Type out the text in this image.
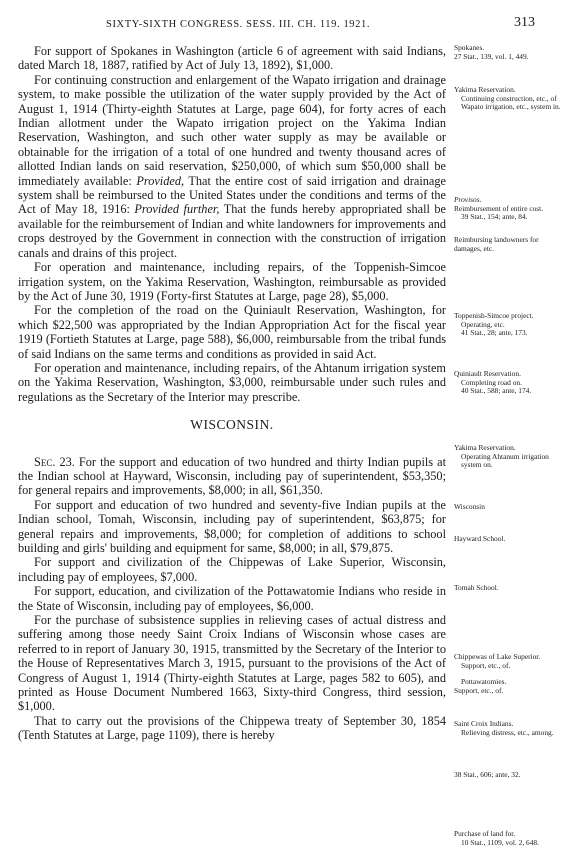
SIXTY-SIXTH CONGRESS. SESS. III. CH. 119. 1921.	313

For support of Spokanes in Washington (article 6 of agreement with said Indians, dated March 18, 1887, ratified by Act of July 13, 1892), $1,000.

For continuing construction and enlargement of the Wapato irrigation and drainage system, to make possible the utilization of the water supply provided by the Act of August 1, 1914 (Thirty-eighth Statutes at Large, page 604), for forty acres of each Indian allotment under the Wapato irrigation project on the Yakima Indian Reservation, Washington, and such other water supply as may be available or obtainable for the irrigation of a total of one hundred and twenty thousand acres of allotted Indian lands on said reservation, $250,000, of which sum $50,000 shall be immediately available: Provided, That the entire cost of said irrigation and drainage system shall be reimbursed to the United States under the conditions and terms of the Act of May 18, 1916: Provided further, That the funds hereby appropriated shall be available for the reimbursement of Indian and white landowners for improvements and crops destroyed by the Government in connection with the construction of irrigation canals and drains of this project.

For operation and maintenance, including repairs, of the Toppenish-Simcoe irrigation system, on the Yakima Reservation, Washington, reimbursable as provided by the Act of June 30, 1919 (Forty-first Statutes at Large, page 28), $5,000.

For the completion of the road on the Quiniault Reservation, Washington, for which $22,500 was appropriated by the Indian Appropriation Act for the fiscal year 1919 (Fortieth Statutes at Large, page 588), $6,000, reimbursable from the tribal funds of said Indians on the same terms and conditions as provided in said Act.

For operation and maintenance, including repairs, of the Ahtanum irrigation system on the Yakima Reservation, Washington, $3,000, reimbursable under such rules and regulations as the Secretary of the Interior may prescribe.

WISCONSIN.

Sec. 23. For the support and education of two hundred and thirty Indian pupils at the Indian school at Hayward, Wisconsin, including pay of superintendent, $53,350; for general repairs and improvements, $8,000; in all, $61,350.

For support and education of two hundred and seventy-five Indian pupils at the Indian school, Tomah, Wisconsin, including pay of superintendent, $63,875; for general repairs and improvements, $8,000; for completion of additions to school building and girls' building and equipment for same, $8,000; in all, $79,875.

For support and civilization of the Chippewas of Lake Superior, Wisconsin, including pay of employees, $7,000.

For support, education, and civilization of the Pottawatomie Indians who reside in the State of Wisconsin, including pay of employees, $6,000.

For the purchase of subsistence supplies in relieving cases of actual distress and suffering among those needy Saint Croix Indians of Wisconsin whose cases are referred to in report of January 30, 1915, transmitted by the Secretary of the Interior to the House of Representatives March 3, 1915, pursuant to the provisions of the Act of Congress of August 1, 1914 (Thirty-eighth Statutes at Large, pages 582 to 605), and printed as House Document Numbered 1663, Sixty-third Congress, third session, $1,000.

That to carry out the provisions of the Chippewa treaty of September 30, 1854 (Tenth Statutes at Large, page 1109), there is hereby

Spokanes.
27 Stat., 139, vol. 1, 449.
Yakima Reservation.
Continuing construction, etc., of Wapato irrigation, etc., system in.
Provisos.
Reimbursement of entire cost.
39 Stat., 154; ante, 84.
Reimbursing landowners for damages, etc.
Toppenish-Simcoe project.
Operating, etc.
41 Stat., 28; ante, 173.
Quiniault Reservation.
Completing road on.
40 Stat., 588; ante, 174.
Yakima Reservation.
Operating Ahtanum irrigation system on.
Wisconsin
Hayward School.
Tomah School.
Chippewas of Lake Superior.
Support, etc., of.
Pottawatomies.
Support, etc., of.
Saint Croix Indians.
Relieving distress, etc., among.
38 Stat., 606; ante, 32.
Purchase of land for.
10 Stat., 1109, vol. 2, 648.
